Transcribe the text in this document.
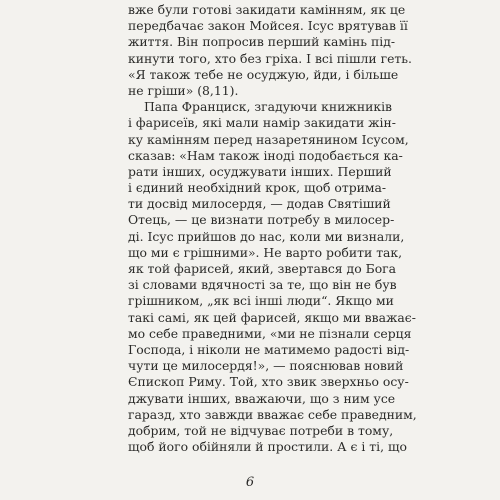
вже були готові закидати камінням, як це
передбачає закон Мойсея. Ісус врятував її
життя. Він попросив перший камінь під-
кинути того, хто без гріха. І всі пішли геть.
«Я також тебе не осуджую, йди, і більше
не гріши» (8,11).
Папа Франциск, згадуючи книжників
і фарисеїв, які мали намір закидати жін-
ку камінням перед назаретянином Ісусом,
сказав: «Нам також іноді подобається ка-
рати інших, осуджувати інших. Перший
і єдиний необхідний крок, щоб отрима-
ти досвід милосердя, — додав Святіший
Отець, — це визнати потребу в милосер-
ді. Ісус прийшов до нас, коли ми визнали,
що ми є грішними». Не варто робити так,
як той фарисей, який, звертався до Бога
зі словами вдячності за те, що він не був
грішником, „як всі інші люди“. Якщо ми
такі самі, як цей фарисей, якщо ми вважає-
мо себе праведними, «ми не пізнали серця
Господа, і ніколи не матимемо радості від-
чути це милосердя!», — пояснював новий
Єпископ Риму. Той, хто звик зверхньо осу-
джувати інших, вважаючи, що з ним усе
гаразд, хто завжди вважає себе праведним,
добрим, той не відчуває потреби в тому,
щоб його обійняли й простили. А є і ті, що
6
